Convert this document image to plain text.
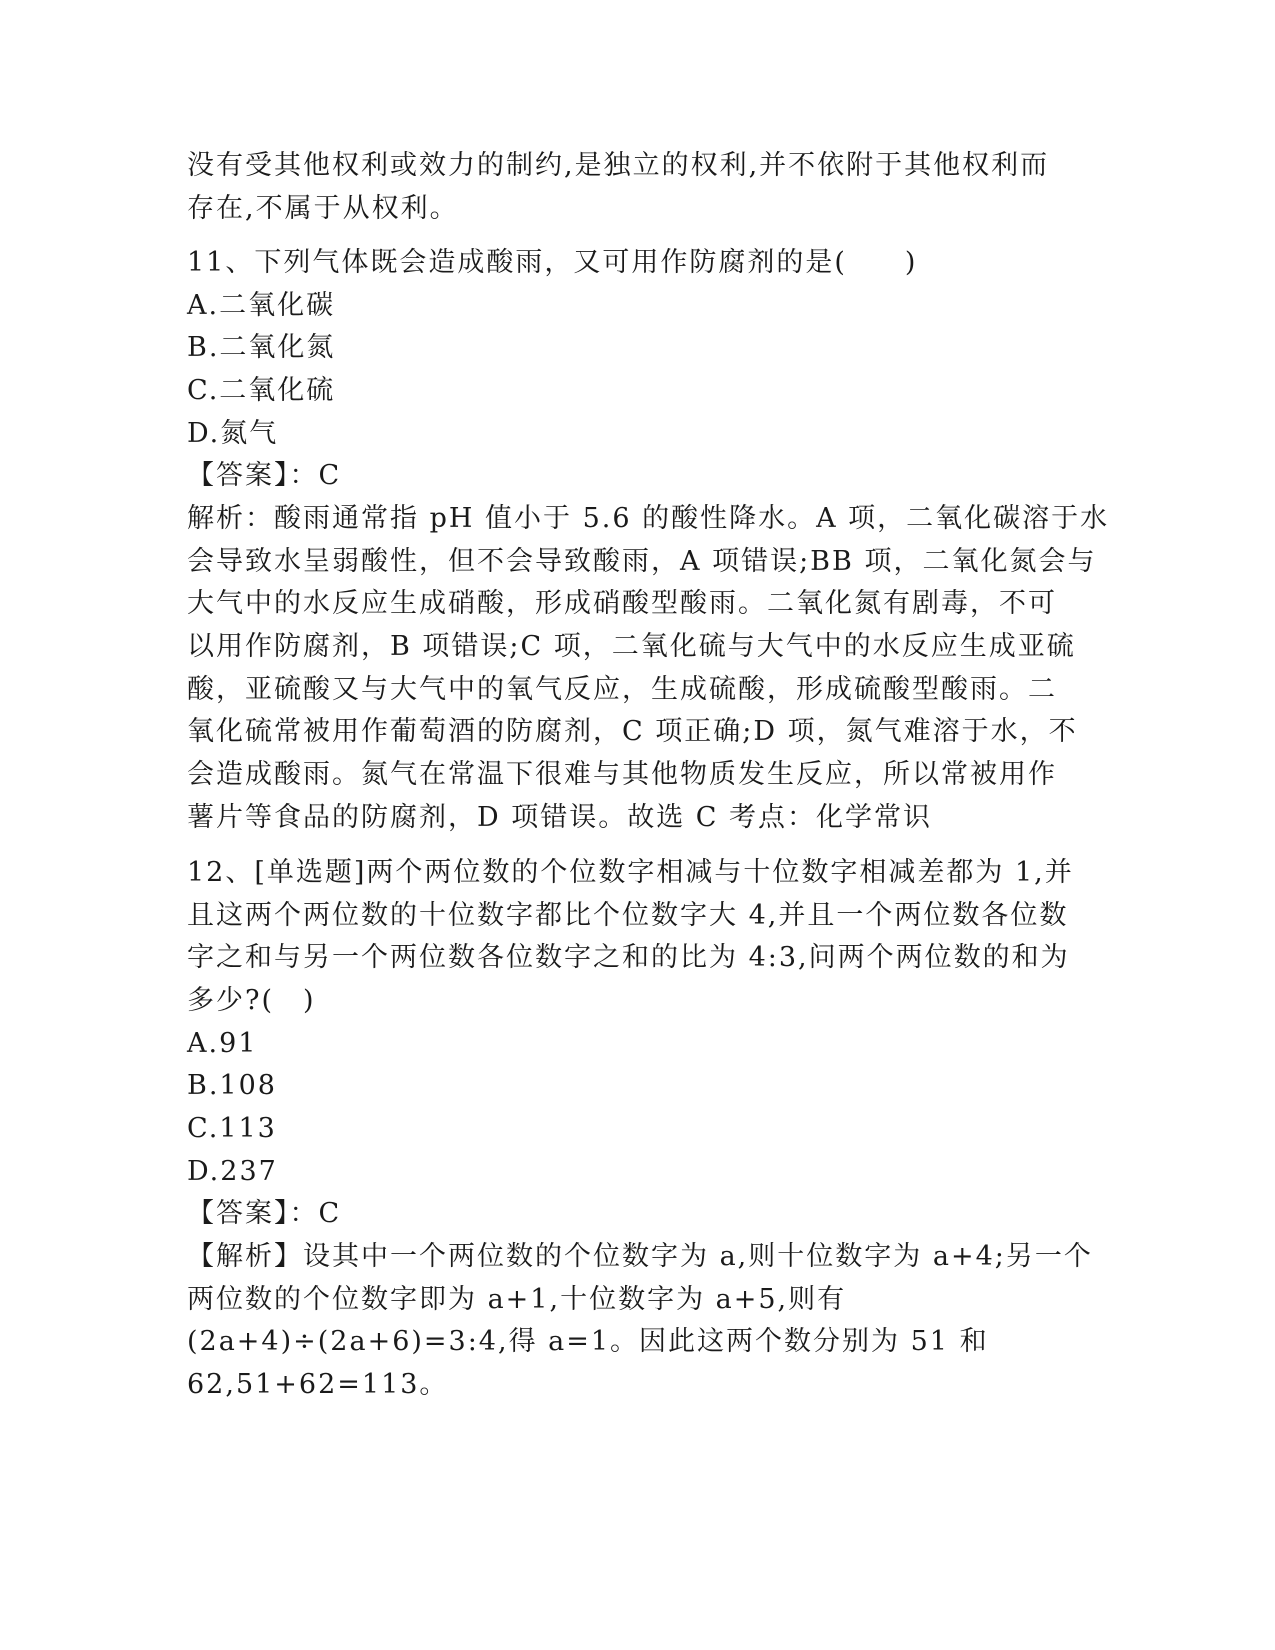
没有受其他权利或效力的制约,是独立的权利,并不依附于其他权利而
存在,不属于从权利。
11、下列气体既会造成酸雨，又可用作防腐剂的是(　　)
A.二氧化碳
B.二氧化氮
C.二氧化硫
D.氮气
【答案】：C
解析：酸雨通常指 pH 值小于 5.6 的酸性降水。A 项，二氧化碳溶于水
会导致水呈弱酸性，但不会导致酸雨，A 项错误;BB 项，二氧化氮会与
大气中的水反应生成硝酸，形成硝酸型酸雨。二氧化氮有剧毒，不可
以用作防腐剂，B 项错误;C 项，二氧化硫与大气中的水反应生成亚硫
酸，亚硫酸又与大气中的氧气反应，生成硫酸，形成硫酸型酸雨。二
氧化硫常被用作葡萄酒的防腐剂，C 项正确;D 项，氮气难溶于水，不
会造成酸雨。氮气在常温下很难与其他物质发生反应，所以常被用作
薯片等食品的防腐剂，D 项错误。故选 C 考点：化学常识
12、[单选题]两个两位数的个位数字相减与十位数字相减差都为 1,并
且这两个两位数的十位数字都比个位数字大 4,并且一个两位数各位数
字之和与另一个两位数各位数字之和的比为 4:3,问两个两位数的和为
多少?(　)
A.91
B.108
C.113
D.237
【答案】：C
【解析】设其中一个两位数的个位数字为 a,则十位数字为 a+4;另一个
两位数的个位数字即为 a+1,十位数字为 a+5,则有
(2a+4)÷(2a+6)=3:4,得 a=1。因此这两个数分别为 51 和
62,51+62=113。
